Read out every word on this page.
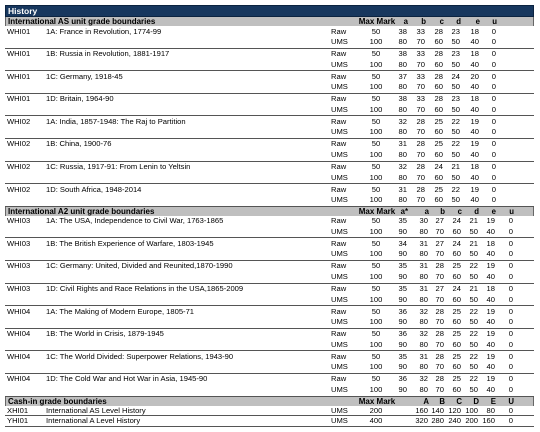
History
International AS unit grade boundaries	Max Mark	a	b	c	d	e	u
WHI01 1A: France in Revolution, 1774-99	Raw	50	38	33	28	23	18	0
UMS	100	80	70	60	50	40	0
WHI01 1B: Russia in Revolution, 1881-1917	Raw	50	38	33	28	23	18	0
UMS	100	80	70	60	50	40	0
WHI01 1C: Germany, 1918-45	Raw	50	37	33	28	24	20	0
UMS	100	80	70	60	50	40	0
WHI01 1D: Britain, 1964-90	Raw	50	38	33	28	23	18	0
UMS	100	80	70	60	50	40	0
WHI02 1A: India, 1857-1948: The Raj to Partition	Raw	50	32	28	25	22	19	0
UMS	100	80	70	60	50	40	0
WHI02 1B: China, 1900-76	Raw	50	31	28	25	22	19	0
UMS	100	80	70	60	50	40	0
WHI02 1C: Russia, 1917-91: From Lenin to Yeltsin	Raw	50	32	28	24	21	18	0
UMS	100	80	70	60	50	40	0
WHI02 1D: South Africa, 1948-2014	Raw	50	31	28	25	22	19	0
UMS	100	80	70	60	50	40	0
International A2 unit grade boundaries	Max Mark a*	a	b	c	d	e	u
WHI03 1A: The USA, Independence to Civil War, 1763-1865	Raw	50	35	30 27	24	21	19	0
UMS	100	90	80 70	60	50	40	0
WHI03 1B: The British Experience of Warfare, 1803-1945	Raw	50	34	31 27	24	21	18	0
UMS	100	90	80 70	60	50	40	0
WHI03 1C: Germany: United, Divided and Reunited,1870-1990	Raw	50	35	31 28	25	22	19	0
UMS	100	90	80 70	60	50	40	0
WHI03 1D: Civil Rights and Race Relations in the USA,1865-2009	Raw	50	35	31 27	24	21	18	0
UMS	100	90	80 70	60	50	40	0
WHI04 1A: The Making of Modern Europe, 1805-71	Raw	50	36	32 28	25	22	19	0
UMS	100	90	80 70	60	50	40	0
WHI04 1B: The World in Crisis, 1879-1945	Raw	50	36	32 28	25	22	19	0
UMS	100	90	80 70	60	50	40	0
WHI04 1C: The World Divided: Superpower Relations, 1943-90	Raw	50	35	31 28	25	22	19	0
UMS	100	90	80 70	60	50	40	0
WHI04 1D: The Cold War and Hot War in Asia, 1945-90	Raw	50	36	32 28	25	22	19	0
UMS	100	90	80 70	60	50	40	0
Cash-in grade boundaries	Max Mark	A	B	C	D	E	U
XHI01 International AS Level History	UMS	200	160 140 120 100	80	0
YHI01 International A Level History	UMS	400	320 280 240 200 160	0
